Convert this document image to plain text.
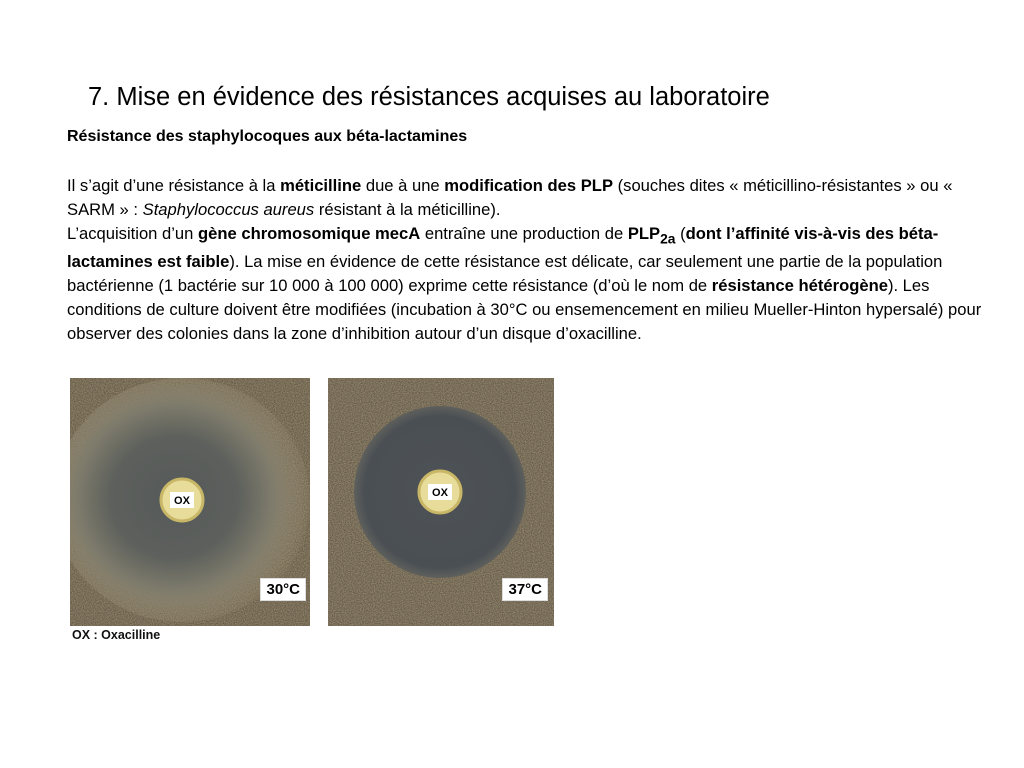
7. Mise en évidence des résistances acquises au laboratoire
Résistance des staphylocoques aux béta-lactamines

Il s’agit d’une résistance à la méticilline due à une modification des PLP (souches dites « méticillino-résistantes » ou « SARM » : Staphylococcus aureus résistant à la méticilline).

L’acquisition d’un gène chromosomique mecA entraîne une production de $PLP_{2a}$ (dont l’affinité vis-à-vis des béta-lactamines est faible). La mise en évidence de cette résistance est délicate, car seulement une partie de la population bactérienne (1 bactérie sur 10 000 à 100 000) exprime cette résistance (d’où le nom de résistance hétérogène). Les conditions de culture doivent être modifiées (incubation à 30°C ou ensemencement en milieu Mueller-Hinton hypersalé) pour observer des colonies dans la zone d’inhibition autour d’un disque d’oxacilline.

OX
30°C
OX
37°C
OX : Oxacilline
